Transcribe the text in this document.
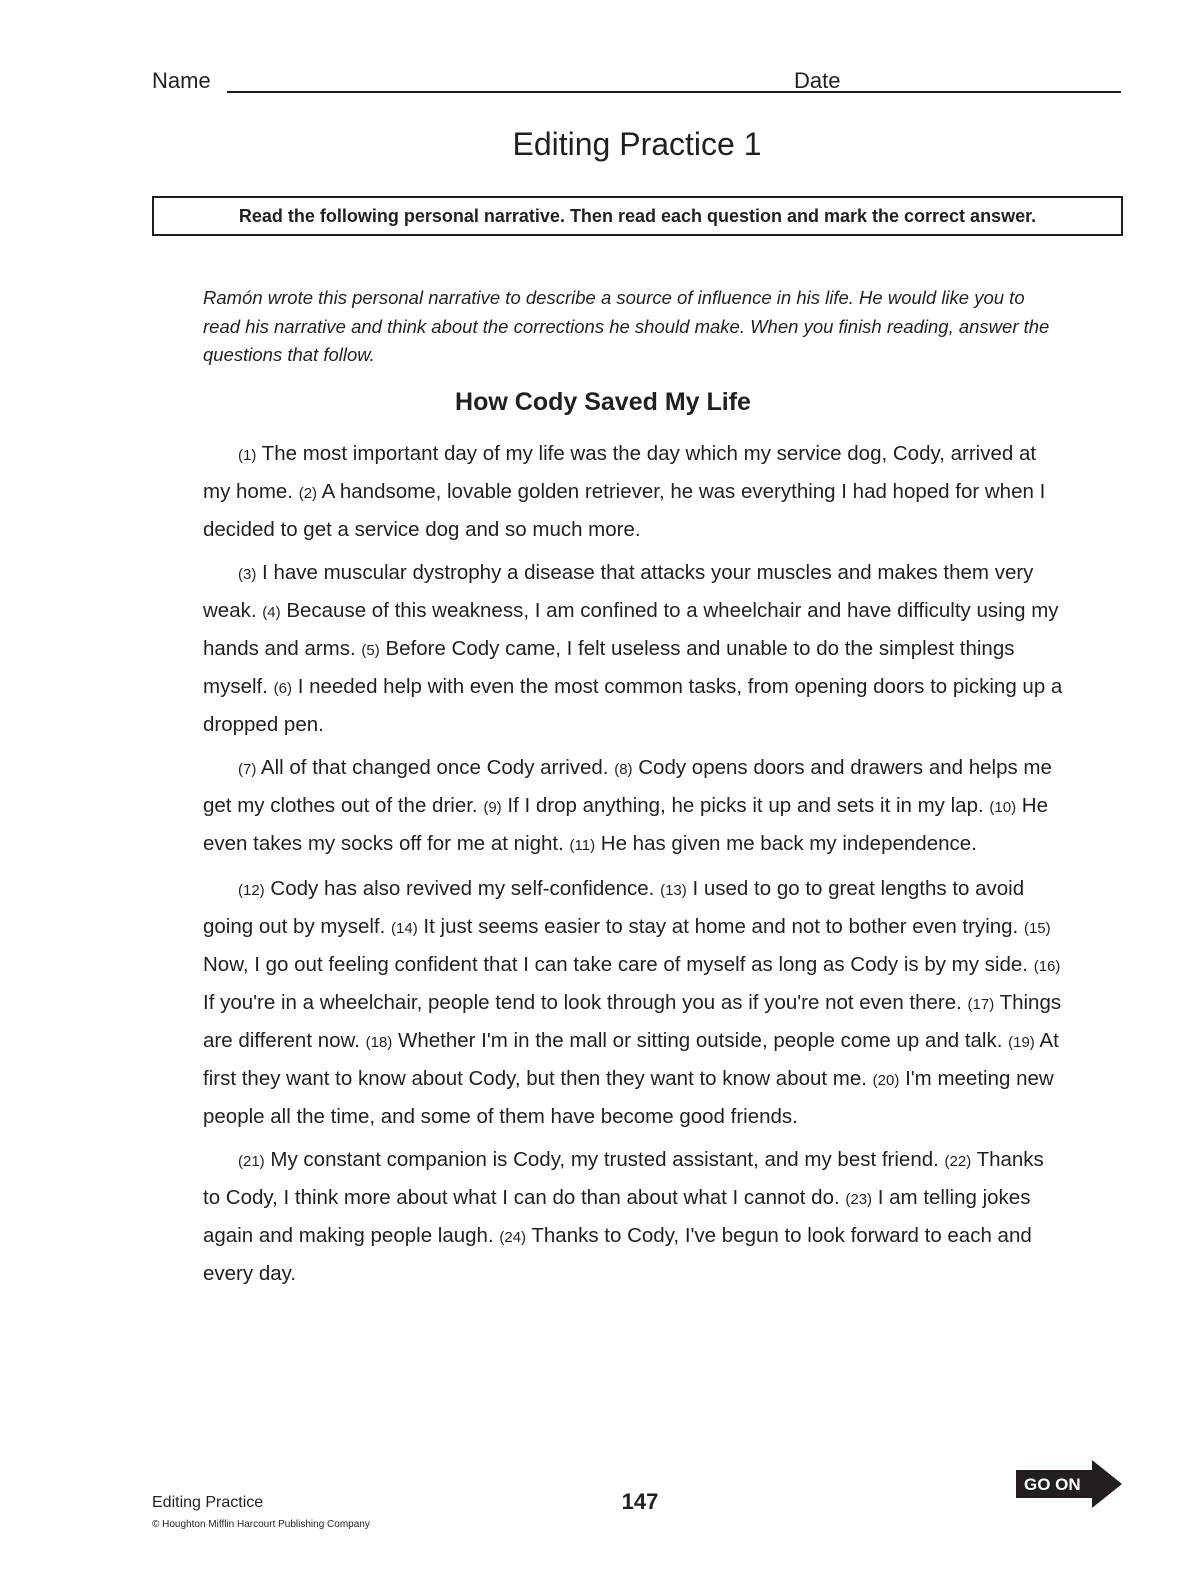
Name	Date
Editing Practice 1
Read the following personal narrative. Then read each question and mark the correct answer.

Ramón wrote this personal narrative to describe a source of influence in his life. He would like you to read his narrative and think about the corrections he should make. When you finish reading, answer the questions that follow.

How Cody Saved My Life

(1) The most important day of my life was the day which my service dog, Cody, arrived at my home. (2) A handsome, lovable golden retriever, he was everything I had hoped for when I decided to get a service dog and so much more.

(3) I have muscular dystrophy a disease that attacks your muscles and makes them very weak. (4) Because of this weakness, I am confined to a wheelchair and have difficulty using my hands and arms. (5) Before Cody came, I felt useless and unable to do the simplest things myself. (6) I needed help with even the most common tasks, from opening doors to picking up a dropped pen.

(7) All of that changed once Cody arrived. (8) Cody opens doors and drawers and helps me get my clothes out of the drier. (9) If I drop anything, he picks it up and sets it in my lap. (10) He even takes my socks off for me at night. (11) He has given me back my independence.

(12) Cody has also revived my self-confidence. (13) I used to go to great lengths to avoid going out by myself. (14) It just seems easier to stay at home and not to bother even trying. (15) Now, I go out feeling confident that I can take care of myself as long as Cody is by my side. (16) If you're in a wheelchair, people tend to look through you as if you're not even there. (17) Things are different now. (18) Whether I'm in the mall or sitting outside, people come up and talk. (19) At first they want to know about Cody, but then they want to know about me. (20) I'm meeting new people all the time, and some of them have become good friends.

(21) My constant companion is Cody, my trusted assistant, and my best friend. (22) Thanks to Cody, I think more about what I can do than about what I cannot do. (23) I am telling jokes again and making people laugh. (24) Thanks to Cody, I've begun to look forward to each and every day.

Editing Practice
© Houghton Mifflin Harcourt Publishing Company
147
GO ON
